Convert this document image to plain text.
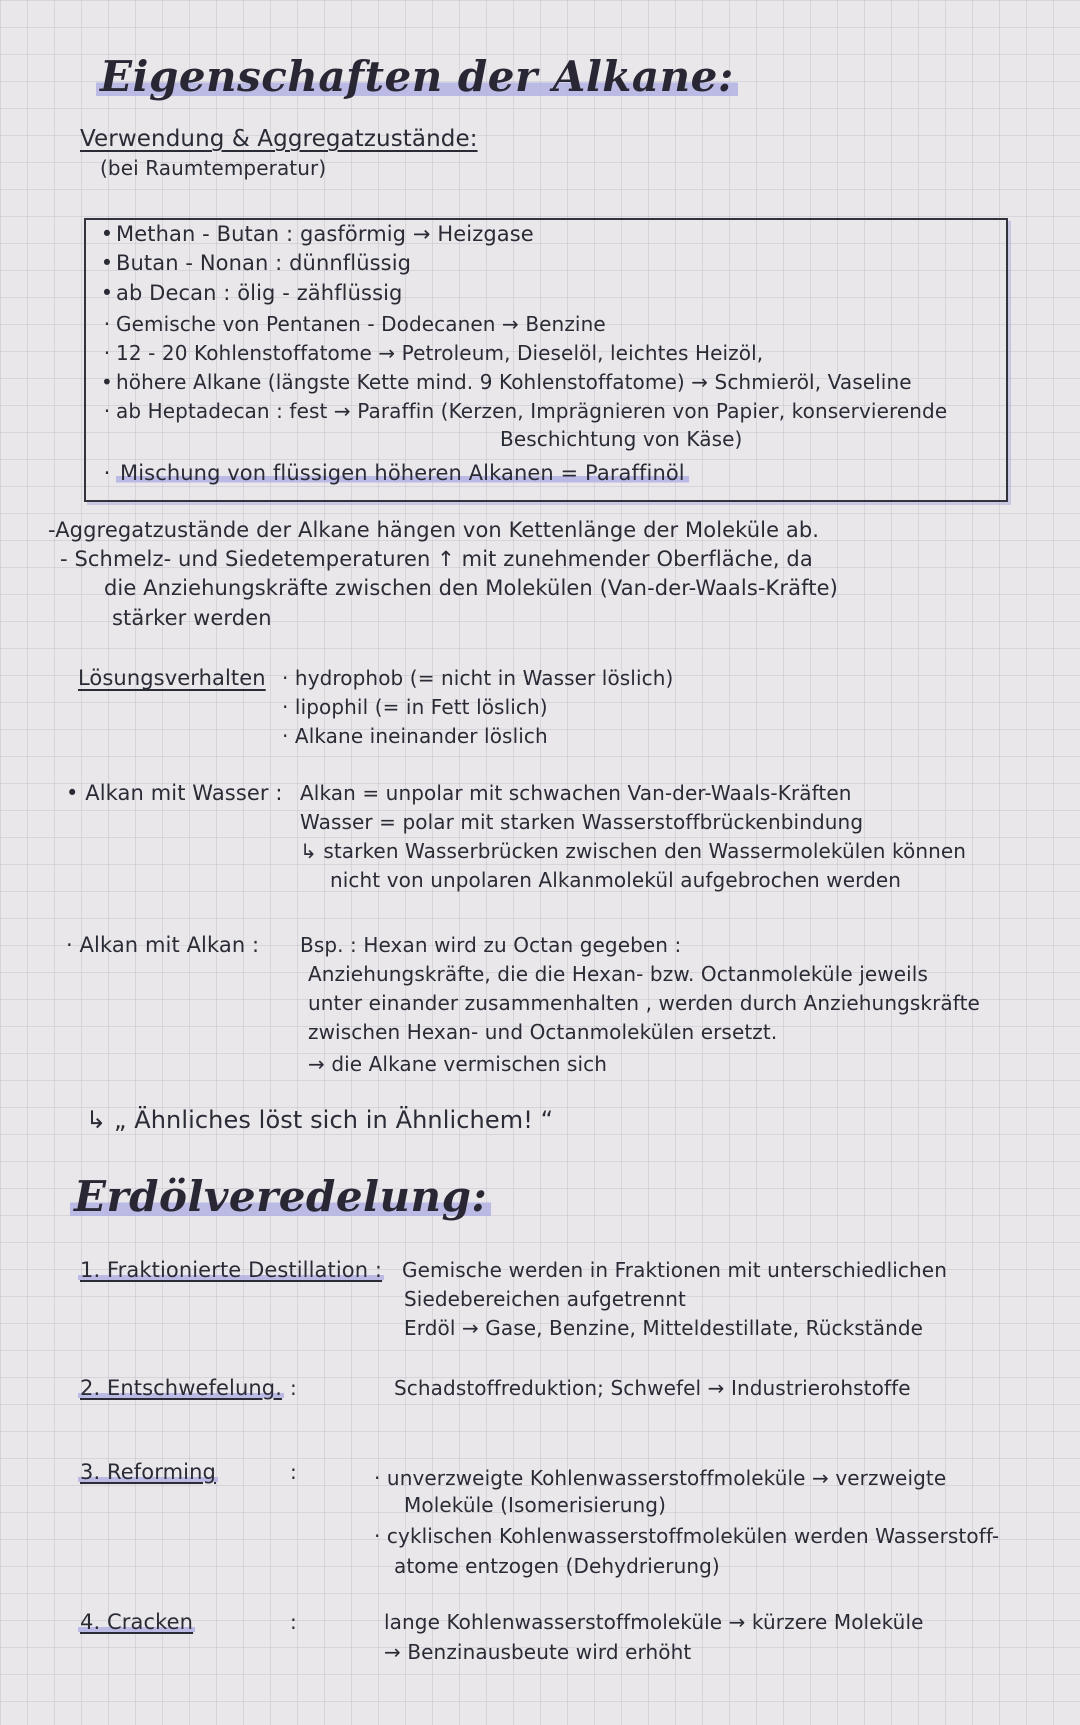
Eigenschaften der Alkane:
Verwendung & Aggregatzustände:
(bei Raumtemperatur)
• Methan - Butan : gasförmig → Heizgase
• Butan - Nonan : dünnflüssig
• ab Decan : ölig - zähflüssig
· Gemische von Pentanen - Dodecanen → Benzine
· 12 - 20 Kohlenstoffatome → Petroleum, Dieselöl, leichtes Heizöl,
• höhere Alkane (längste Kette mind. 9 Kohlenstoffatome) → Schmieröl, Vaseline
· ab Heptadecan : fest → Paraffin (Kerzen, Imprägnieren von Papier, konservierende
Beschichtung von Käse)
· Mischung von flüssigen höheren Alkanen = Paraffinöl
-Aggregatzustände der Alkane hängen von Kettenlänge der Moleküle ab.
- Schmelz- und Siedetemperaturen ↑ mit zunehmender Oberfläche, da
die Anziehungskräfte zwischen den Molekülen (Van-der-Waals-Kräfte)
stärker werden
Lösungsverhalten · hydrophob (= nicht in Wasser löslich)
· lipophil (= in Fett löslich)
· Alkane ineinander löslich
• Alkan mit Wasser : Alkan = unpolar mit schwachen Van-der-Waals-Kräften
Wasser = polar mit starken Wasserstoffbrückenbindung
↳ starken Wasserbrücken zwischen den Wassermolekülen können
nicht von unpolaren Alkanmolekül aufgebrochen werden
· Alkan mit Alkan : Bsp. : Hexan wird zu Octan gegeben :
Anziehungskräfte, die die Hexan- bzw. Octanmoleküle jeweils
unter einander zusammenhalten , werden durch Anziehungskräfte
zwischen Hexan- und Octanmolekülen ersetzt.
→ die Alkane vermischen sich
↳ „ Ähnliches löst sich in Ähnlichem! “
Erdölveredelung:
1. Fraktionierte Destillation : Gemische werden in Fraktionen mit unterschiedlichen
Siedebereichen aufgetrennt
Erdöl → Gase, Benzine, Mitteldestillate, Rückstände
2. Entschwefelung. :	Schadstoffreduktion; Schwefel → Industrierohstoffe
3. Reforming	:	· unverzweigte Kohlenwasserstoffmoleküle → verzweigte
Moleküle (Isomerisierung)
· cyklischen Kohlenwasserstoffmolekülen werden Wasserstoff-
atome entzogen (Dehydrierung)
4. Cracken	:	lange Kohlenwasserstoffmoleküle → kürzere Moleküle
→ Benzinausbeute wird erhöht
